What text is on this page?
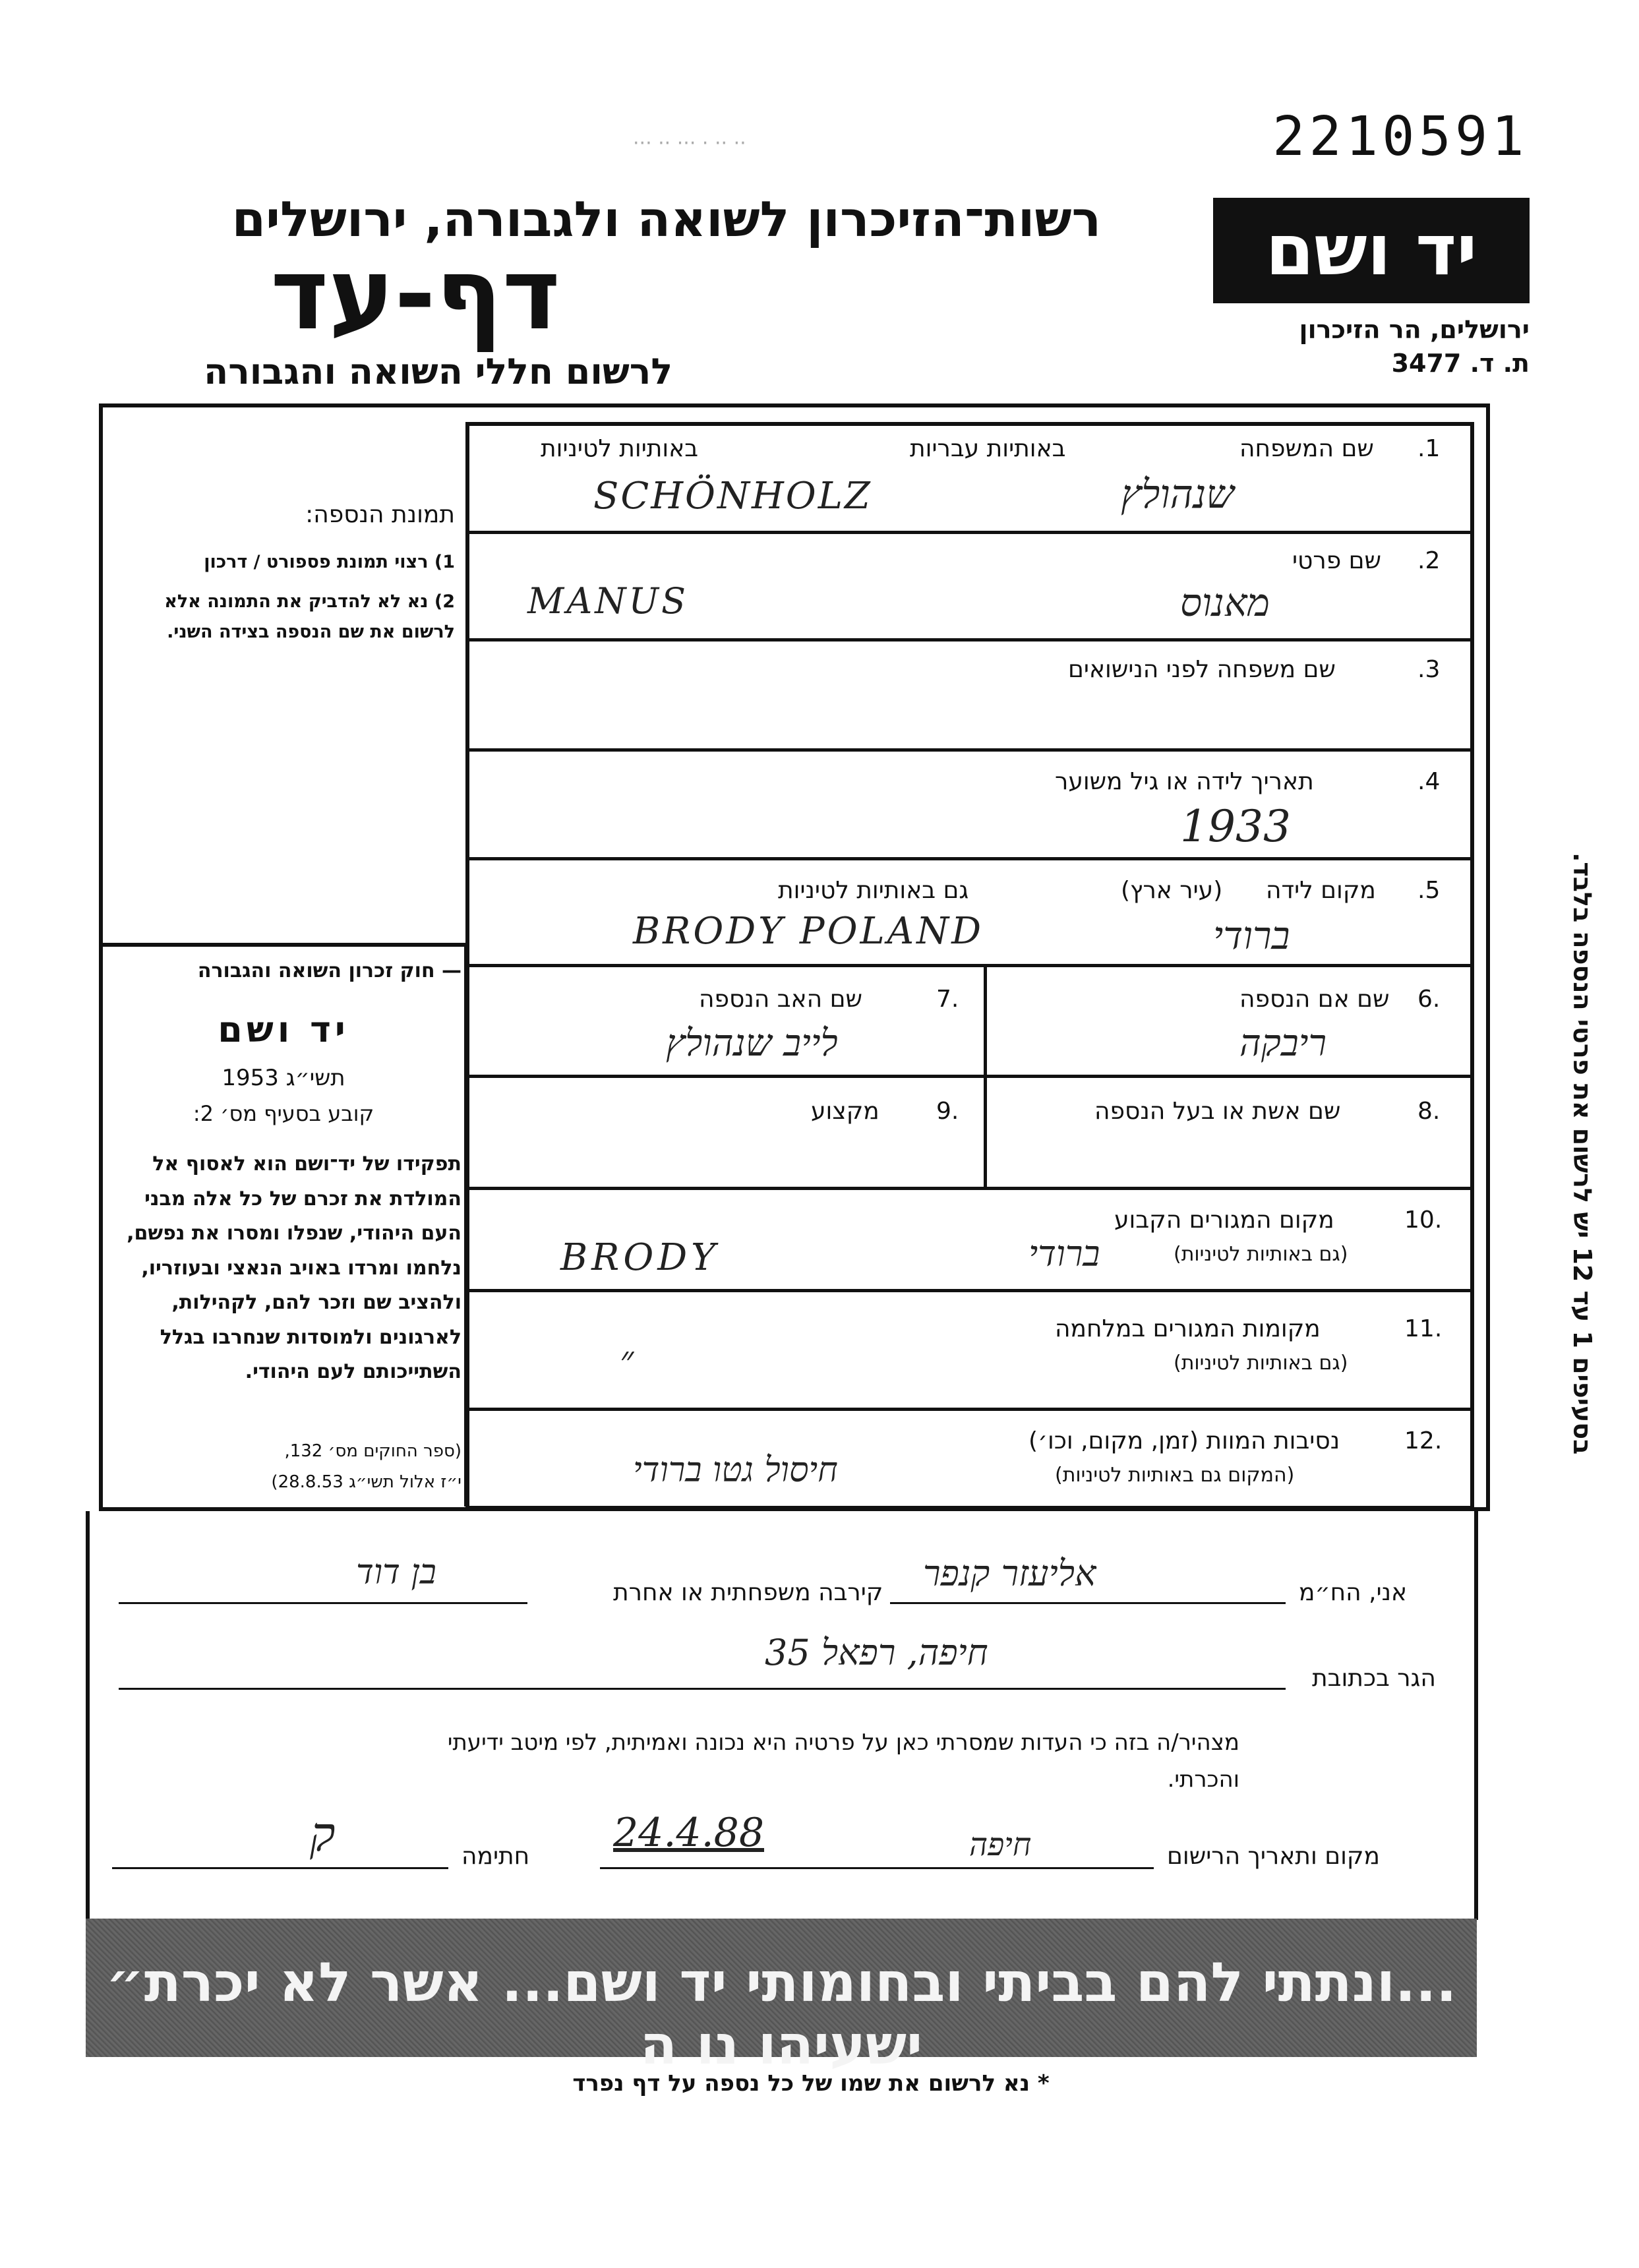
2210591
·· ·· · ··· ·· ···
רשות־הזיכרון לשואה ולגבורה, ירושלים
דף-עד
לרשום חללי השואה והגבורה
יד ושם
ירושלים, הר הזיכרון
ת. ד. 3477
1.
שם המשפחה
באותיות עבריות
באותיות לטיניות
שנהולץ
SCHÖNHOLZ
2.
שם פרטי
מאנוס
MANUS
3.
שם משפחה לפני הנישואים
4.
תאריך לידה או גיל משוער
1933
5.
מקום לידה
(עיר ארץ)
גם באותיות לטיניות
ברודי
BRODY POLAND
.6
שם אם הנספה
ריבקה
.7
שם האב הנספה
לייב שנהולץ
.8
שם אשת או בעל הנספה
.9
מקצוע
.10
מקום המגורים הקבוע
(גם באותיות לטיניות)
ברודי
BRODY
.11
מקומות המגורים במלחמה
(גם באותיות לטיניות)
״
.12
נסיבות המוות (זמן, מקום, וכו׳)
(המקום גם באותיות לטיניות)
חיסול גטו ברודי
תמונת הנספה:
1) רצוי תמונת פספורט / דרכון
2) נא לא להדביק את התמונה אלא לרשום את שם הנספה בצידה השני.
— חוק זכרון השואה והגבורה
יד ושם
תשי״ג 1953
קובע בסעיף מס׳ 2:
תפקידו של יד־ושם הוא לאסוף אל המולדת את זכרם של כל אלה מבני העם היהודי, שנפלו ומסרו את נפשם, נלחמו ומרדו באויב הנאצי ובעוזריו, ולהציב שם וזכר להם, לקהילות, לארגונים ולמוסדות שנחרבו בגלל השתייכותם לעם היהודי.
(ספר החוקים מס׳ 132,
י״ז אלול תשי״ג 28.8.53)
בסעיפים 1 עד 12 יש לרשום את פרטי הנספה בלבד.
אני, הח״מ
אליעזר קנפר
קירבה משפחתית או אחרת
בן דוד
הגר בכתובת
חיפה, רפאל 35
מצהיר/ה בזה כי העדות שמסרתי כאן על פרטיה היא נכונה ואמיתית, לפי מיטב ידיעתי והכרתי.
מקום ותאריך הרישום
חיפה
24.4.88
חתימה
ק
...ונתתי להם בביתי ובחומותי יד ושם... אשר לא יכרת״ ישעיהו נו ה
* נא לרשום את שמו של כל נספה על דף נפרד
